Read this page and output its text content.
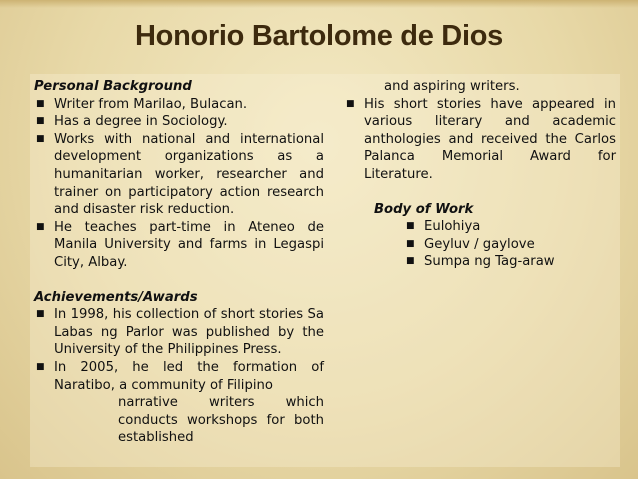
Honorio Bartolome de Dios
Personal Background
■ Writer from Marilao, Bulacan.
■ Has a degree in Sociology.
■ Works with national and international development organizations as a humanitarian worker, researcher and trainer on participatory action research and disaster risk reduction.
■ He teaches part-time in Ateneo de Manila University and farms in Legaspi City, Albay.
Achievements/Awards
■ In 1998, his collection of short stories Sa Labas ng Parlor was published by the University of the Philippines Press.
■ In 2005, he led the formation of Naratibo, a community of Filipino
narrative writers which conducts workshops for both established
and aspiring writers.
■ His short stories have appeared in various literary and academic anthologies and received the Carlos Palanca Memorial Award for Literature.
Body of Work
■ Eulohiya
■ Geyluv / gaylove
■ Sumpa ng Tag-araw
